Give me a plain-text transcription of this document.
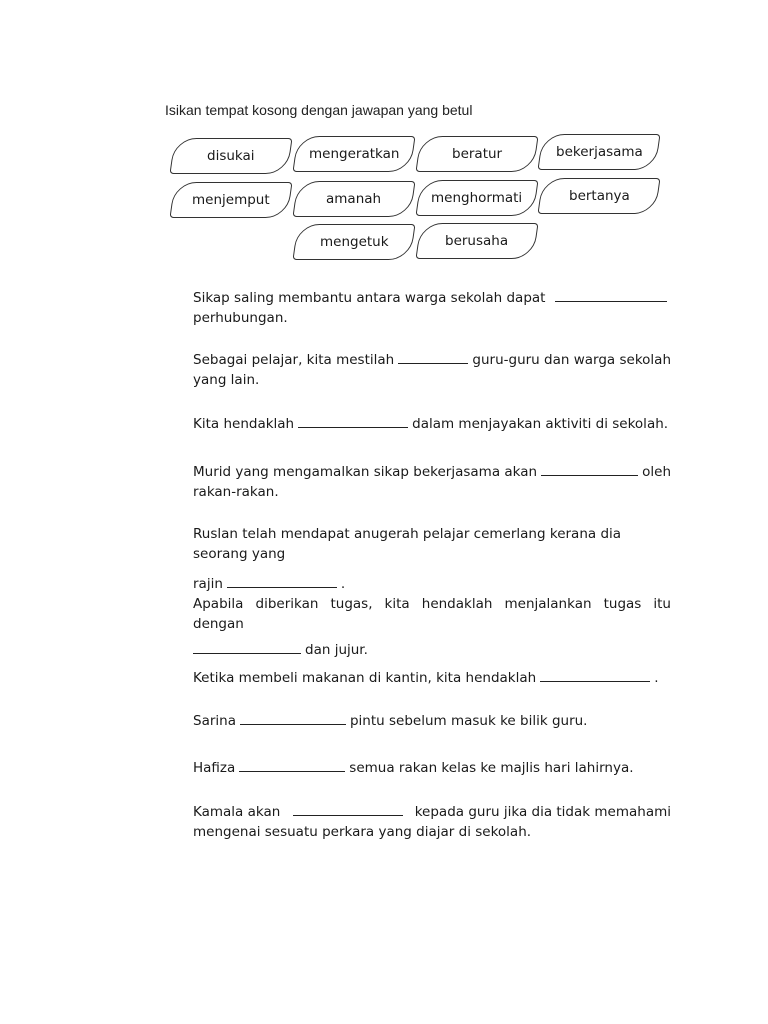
Isikan tempat kosong dengan jawapan yang betul
disukai	mengeratkan	beratur	bekerjasama
menjemput	amanah	menghormati	bertanya
mengetuk	berusaha
Sikap saling membantu antara warga sekolah dapat
perhubungan.
Sebagai pelajar, kita mestilah	guru-guru dan warga sekolah
yang lain.
Kita hendaklah	dalam menjayakan aktiviti di sekolah.
Murid yang mengamalkan sikap bekerjasama akan	oleh
rakan-rakan.
Ruslan telah mendapat anugerah pelajar cemerlang kerana dia seorang yang
rajin	.
Apabila diberikan tugas, kita hendaklah menjalankan tugas itu dengan
dan jujur.
Ketika membeli makanan di kantin, kita hendaklah	.
Sarina	pintu sebelum masuk ke bilik guru.
Hafiza	semua rakan kelas ke majlis hari lahirnya.
Kamala akan	kepada guru jika dia tidak memahami
mengenai sesuatu perkara yang diajar di sekolah.
